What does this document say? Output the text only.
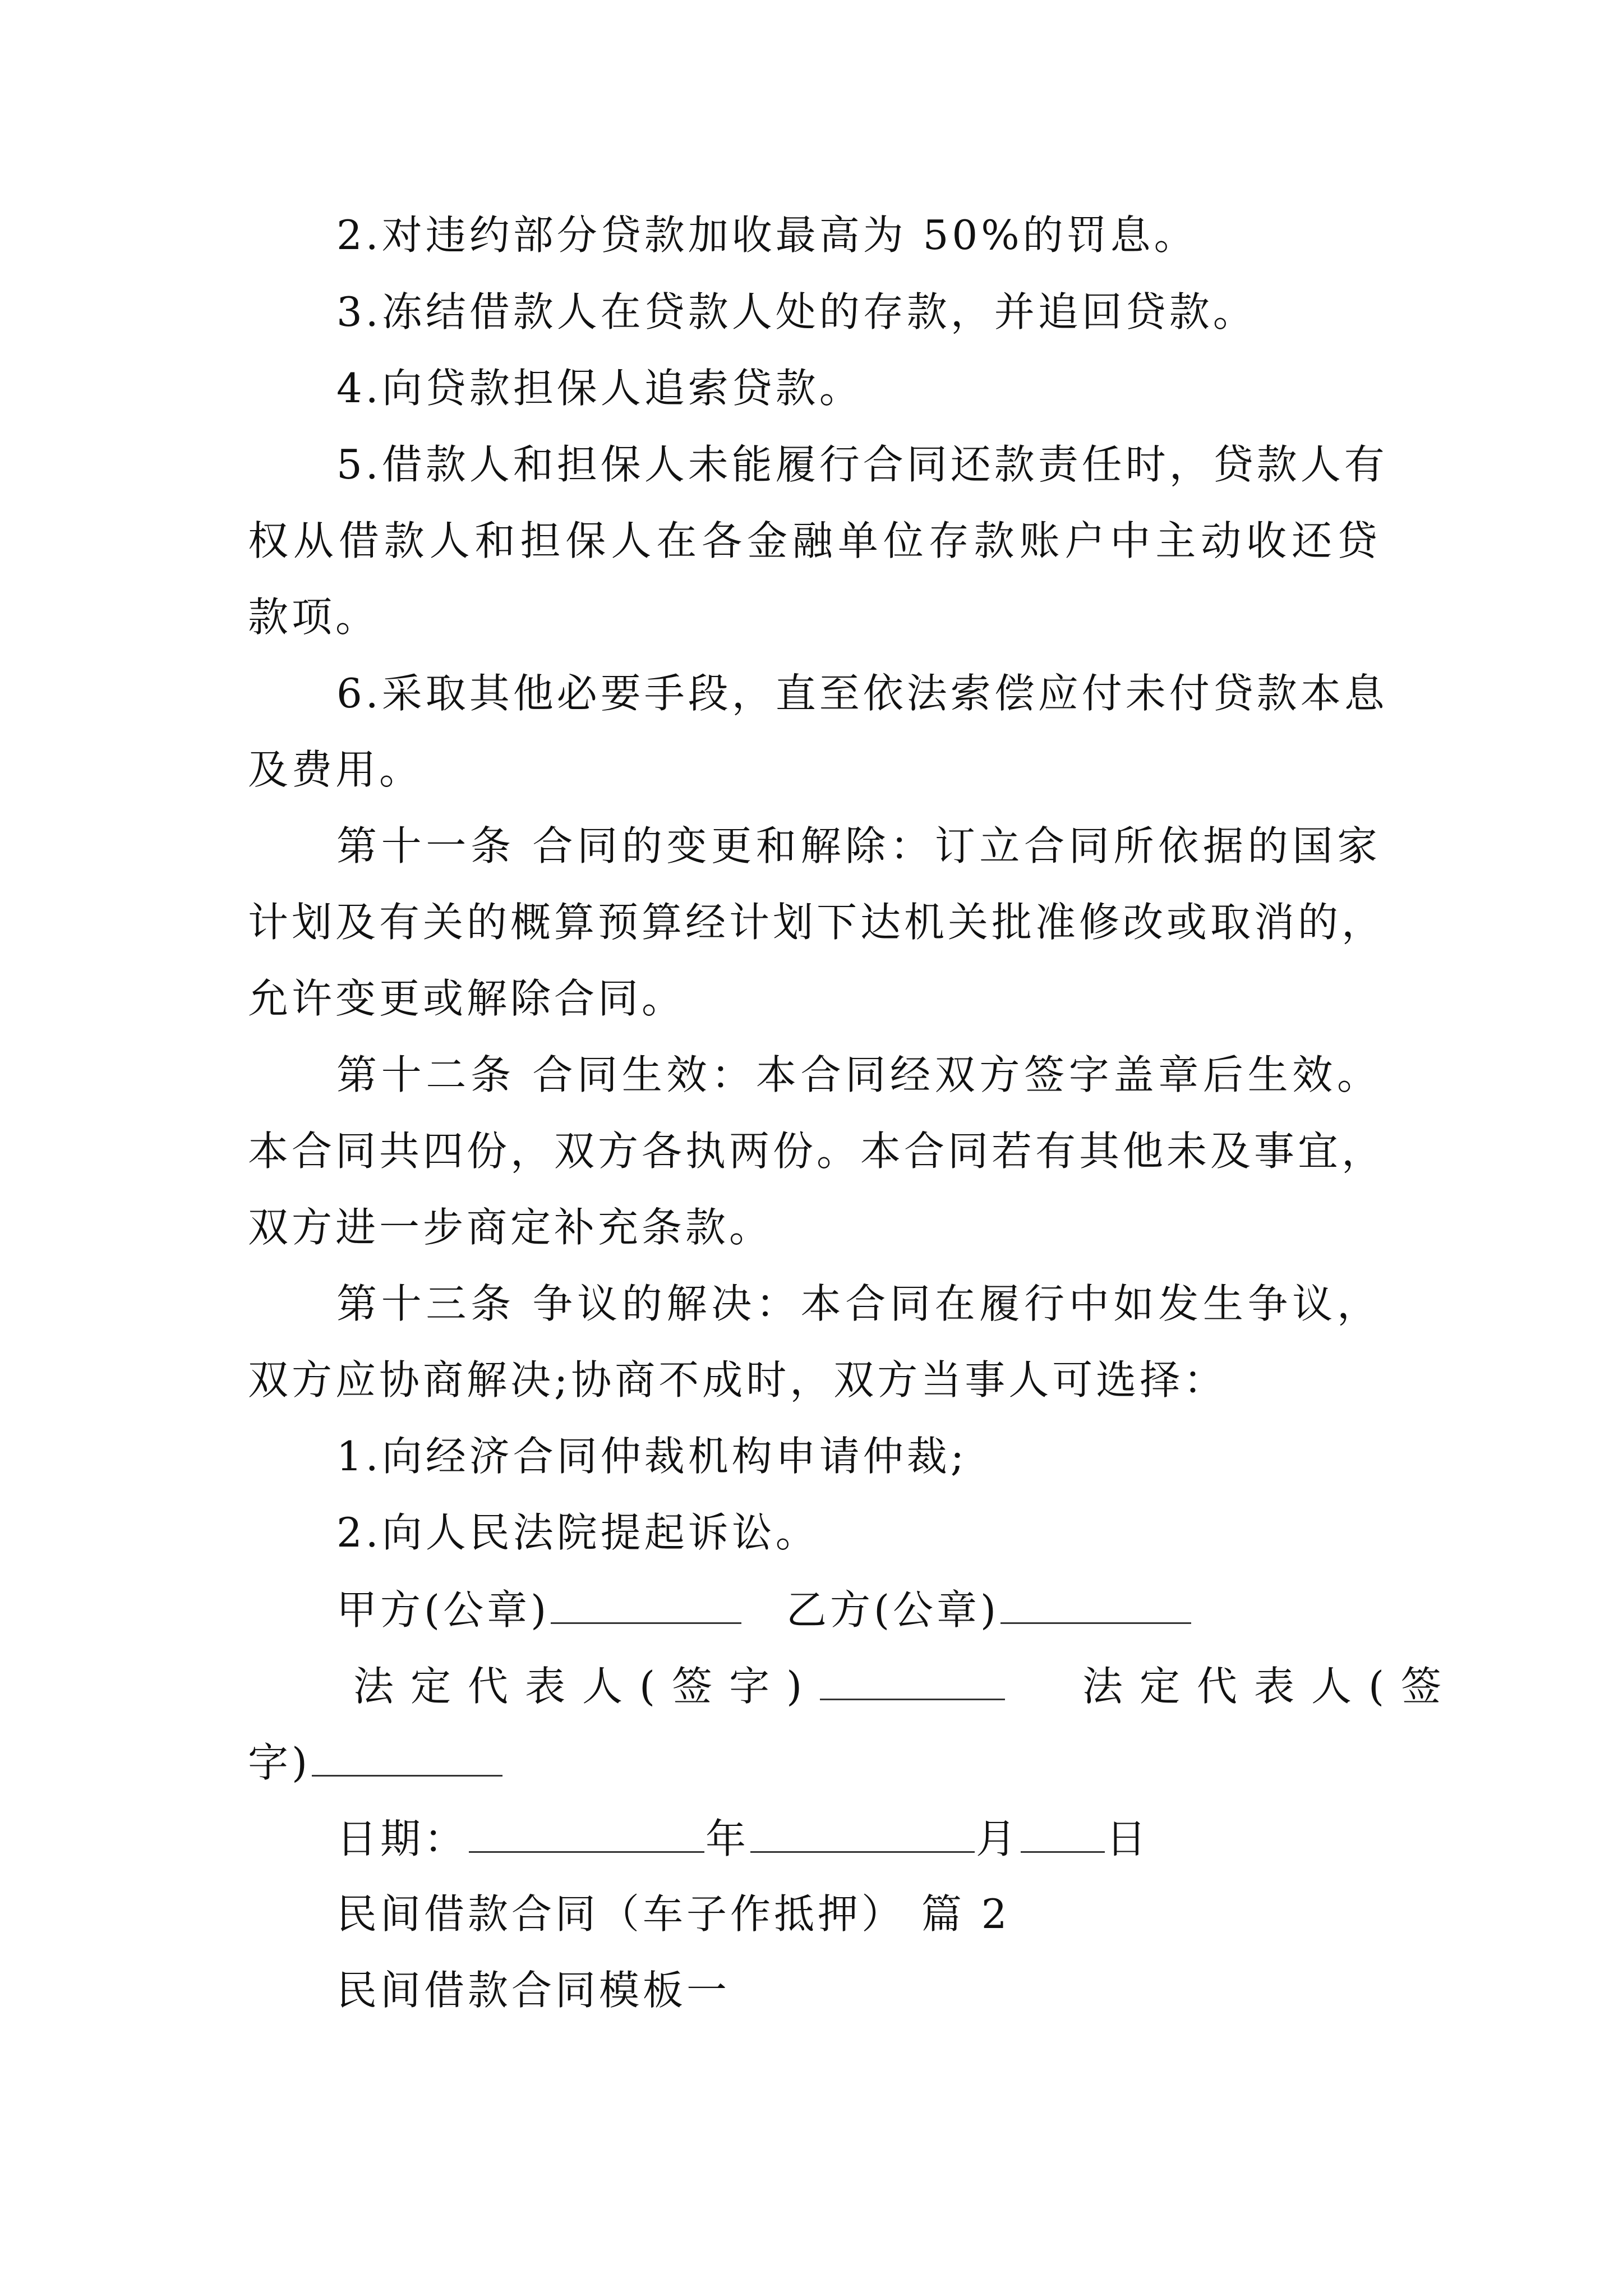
2.对违约部分贷款加收最高为 50%的罚息。
3.冻结借款人在贷款人处的存款，并追回贷款。
4.向贷款担保人追索贷款。
5.借款人和担保人未能履行合同还款责任时，贷款人有
权从借款人和担保人在各金融单位存款账户中主动收还贷
款项。
6.采取其他必要手段，直至依法索偿应付未付贷款本息
及费用。
第十一条 合同的变更和解除：订立合同所依据的国家
计划及有关的概算预算经计划下达机关批准修改或取消的，
允许变更或解除合同。
第十二条 合同生效：本合同经双方签字盖章后生效。
本合同共四份，双方各执两份。本合同若有其他未及事宜，
双方进一步商定补充条款。
第十三条 争议的解决：本合同在履行中如发生争议，
双方应协商解决;协商不成时，双方当事人可选择：
1.向经济合同仲裁机构申请仲裁;
2.向人民法院提起诉讼。
甲方(公章)	乙方(公章)
法定代表人(签字)	法定代表人(签
字)
日期：	年	月 日
民间借款合同（车子作抵押） 篇 2
民间借款合同模板一
